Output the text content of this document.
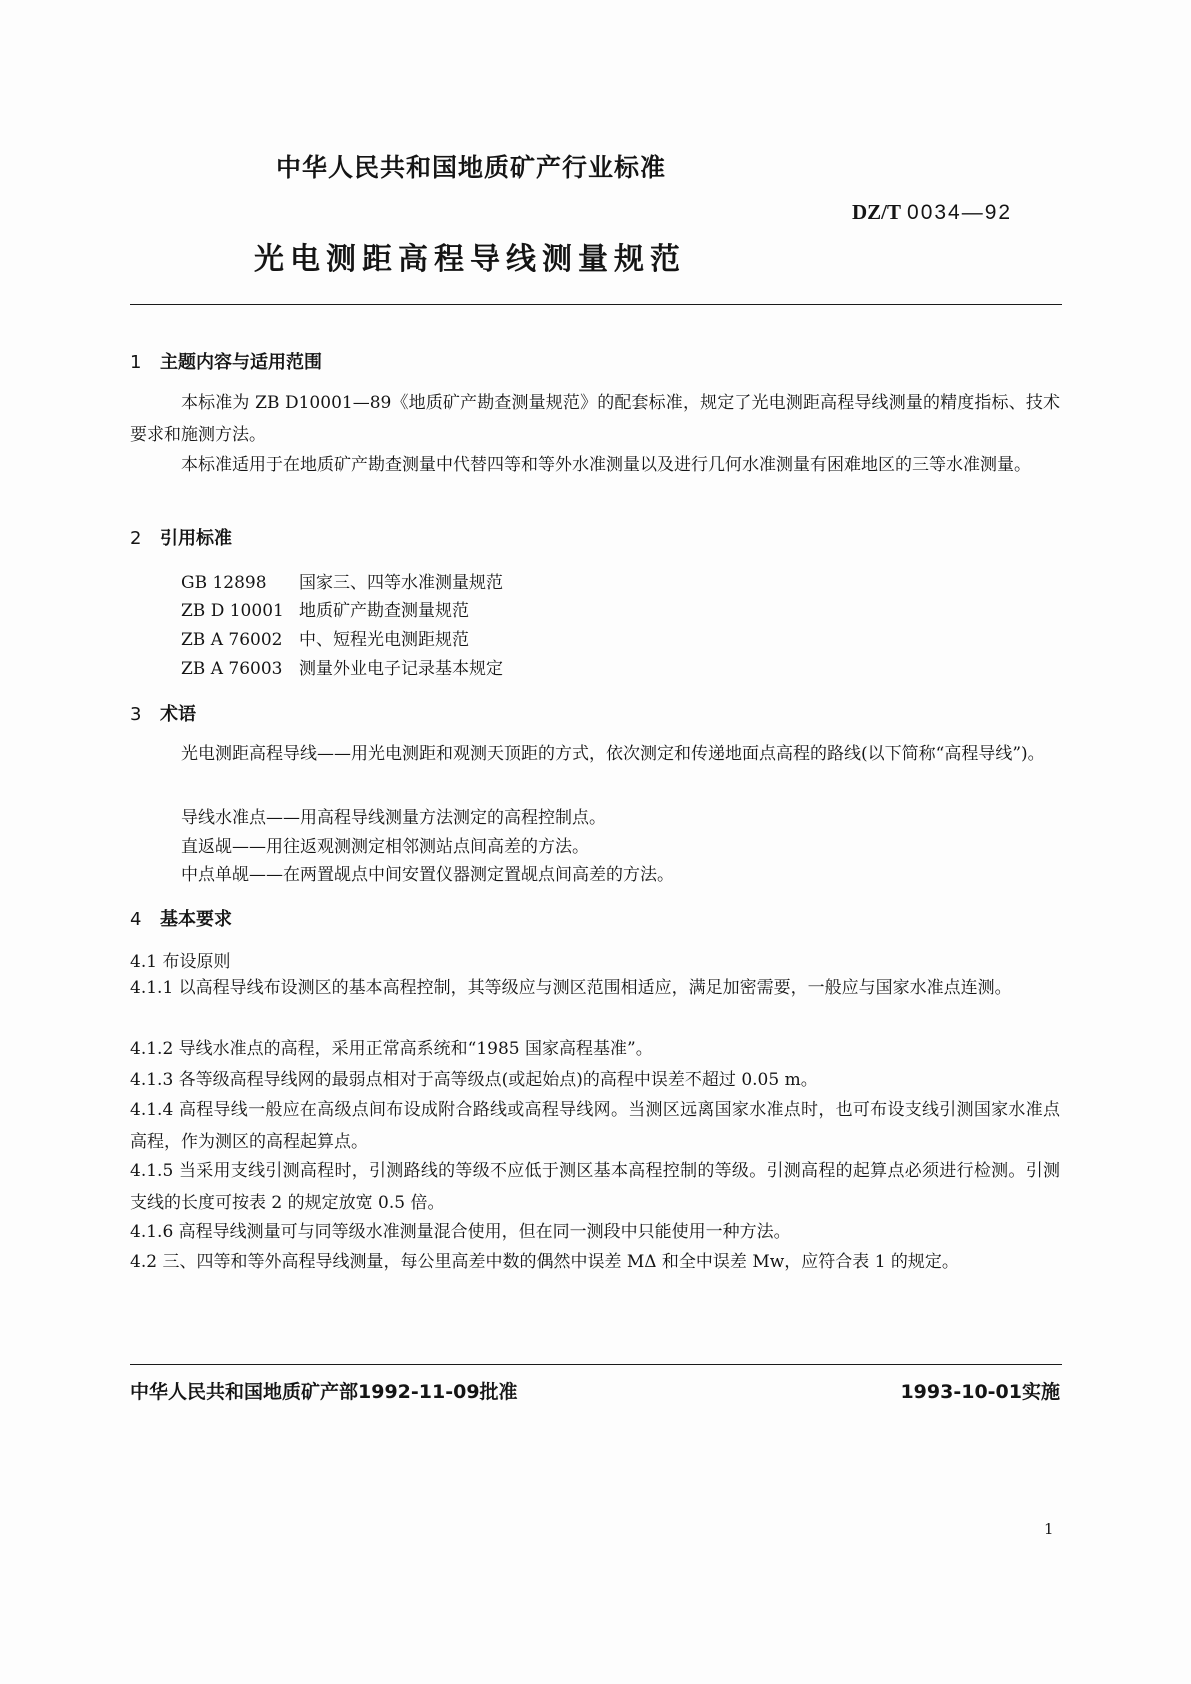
中华人民共和国地质矿产行业标准
DZ/T 0034—92
光电测距高程导线测量规范
1 主题内容与适用范围
本标准为 ZB D10001—89《地质矿产勘查测量规范》的配套标准，规定了光电测距高程导线测量的精度指标、技术要求和施测方法。
本标准适用于在地质矿产勘查测量中代替四等和等外水准测量以及进行几何水准测量有困难地区的三等水准测量。
2 引用标准
GB 12898 国家三、四等水准测量规范
ZB D 10001 地质矿产勘查测量规范
ZB A 76002 中、短程光电测距规范
ZB A 76003 测量外业电子记录基本规定
3 术语
光电测距高程导线——用光电测距和观测天顶距的方式，依次测定和传递地面点高程的路线(以下简称“高程导线”)。
导线水准点——用高程导线测量方法测定的高程控制点。
直返觇——用往返观测测定相邻测站点间高差的方法。
中点单觇——在两置觇点中间安置仪器测定置觇点间高差的方法。
4 基本要求
4.1 布设原则
4.1.1 以高程导线布设测区的基本高程控制，其等级应与测区范围相适应，满足加密需要，一般应与国家水准点连测。
4.1.2 导线水准点的高程，采用正常高系统和“1985 国家高程基准”。
4.1.3 各等级高程导线网的最弱点相对于高等级点(或起始点)的高程中误差不超过 0.05 m。
4.1.4 高程导线一般应在高级点间布设成附合路线或高程导线网。当测区远离国家水准点时，也可布设支线引测国家水准点高程，作为测区的高程起算点。
4.1.5 当采用支线引测高程时，引测路线的等级不应低于测区基本高程控制的等级。引测高程的起算点必须进行检测。引测支线的长度可按表 2 的规定放宽 0.5 倍。
4.1.6 高程导线测量可与同等级水准测量混合使用，但在同一测段中只能使用一种方法。
4.2 三、四等和等外高程导线测量，每公里高差中数的偶然中误差 MΔ 和全中误差 Mw，应符合表 1 的规定。
中华人民共和国地质矿产部1992-11-09批准	1993-10-01实施
1
